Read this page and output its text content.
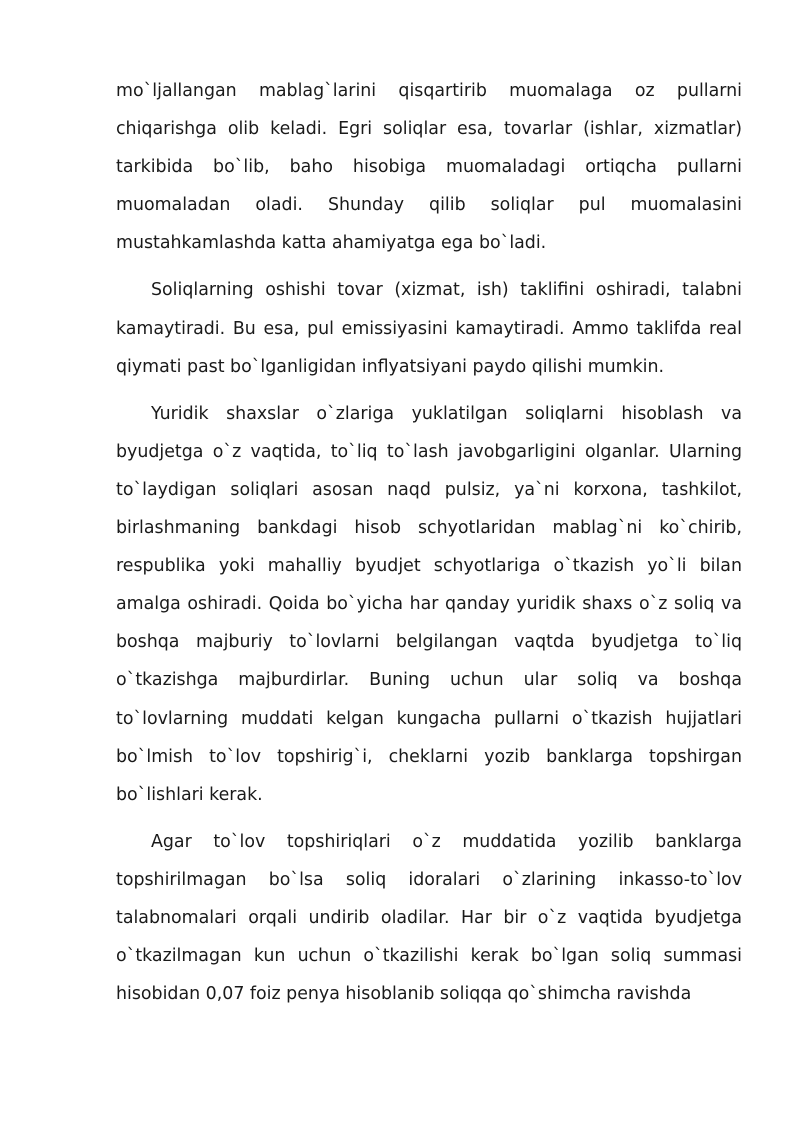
mo`ljallangan mablag`larini qisqartirib muomalaga oz pullarni chiqarishga olib keladi. Egri soliqlar esa, tovarlar (ishlar, xizmatlar) tarkibida bo`lib, baho hisobiga muomaladagi ortiqcha pullarni muomaladan oladi. Shunday qilib soliqlar pul muomalasini mustahkamlashda katta ahamiyatga ega bo`ladi.

Soliqlarning oshishi tovar (xizmat, ish) taklifini oshiradi, talabni kamaytiradi. Bu esa, pul emissiyasini kamaytiradi. Ammo taklifda real qiymati past bo`lganligidan inflyatsiyani paydo qilishi mumkin.

Yuridik shaxslar o`zlariga yuklatilgan soliqlarni hisoblash va byudjetga o`z vaqtida, to`liq to`lash javobgarligini olganlar. Ularning to`laydigan soliqlari asosan naqd pulsiz, ya`ni korxona, tashkilot, birlashmaning bankdagi hisob schyotlaridan mablag`ni ko`chirib, respublika yoki mahalliy byudjet schyotlariga o`tkazish yo`li bilan amalga oshiradi. Qoida bo`yicha har qanday yuridik shaxs o`z soliq va boshqa majburiy to`lovlarni belgilangan vaqtda byudjetga to`liq o`tkazishga majburdirlar. Buning uchun ular soliq va boshqa to`lovlarning muddati kelgan kungacha pullarni o`tkazish hujjatlari bo`lmish to`lov topshirig`i, cheklarni yozib banklarga topshirgan bo`lishlari kerak.

Agar to`lov topshiriqlari o`z muddatida yozilib banklarga topshirilmagan bo`lsa soliq idoralari o`zlarining inkasso-to`lov talabnomalari orqali undirib oladilar. Har bir o`z vaqtida byudjetga o`tkazilmagan kun uchun o`tkazilishi kerak bo`lgan soliq summasi hisobidan 0,07 foiz penya hisoblanib soliqqa qo`shimcha ravishda
